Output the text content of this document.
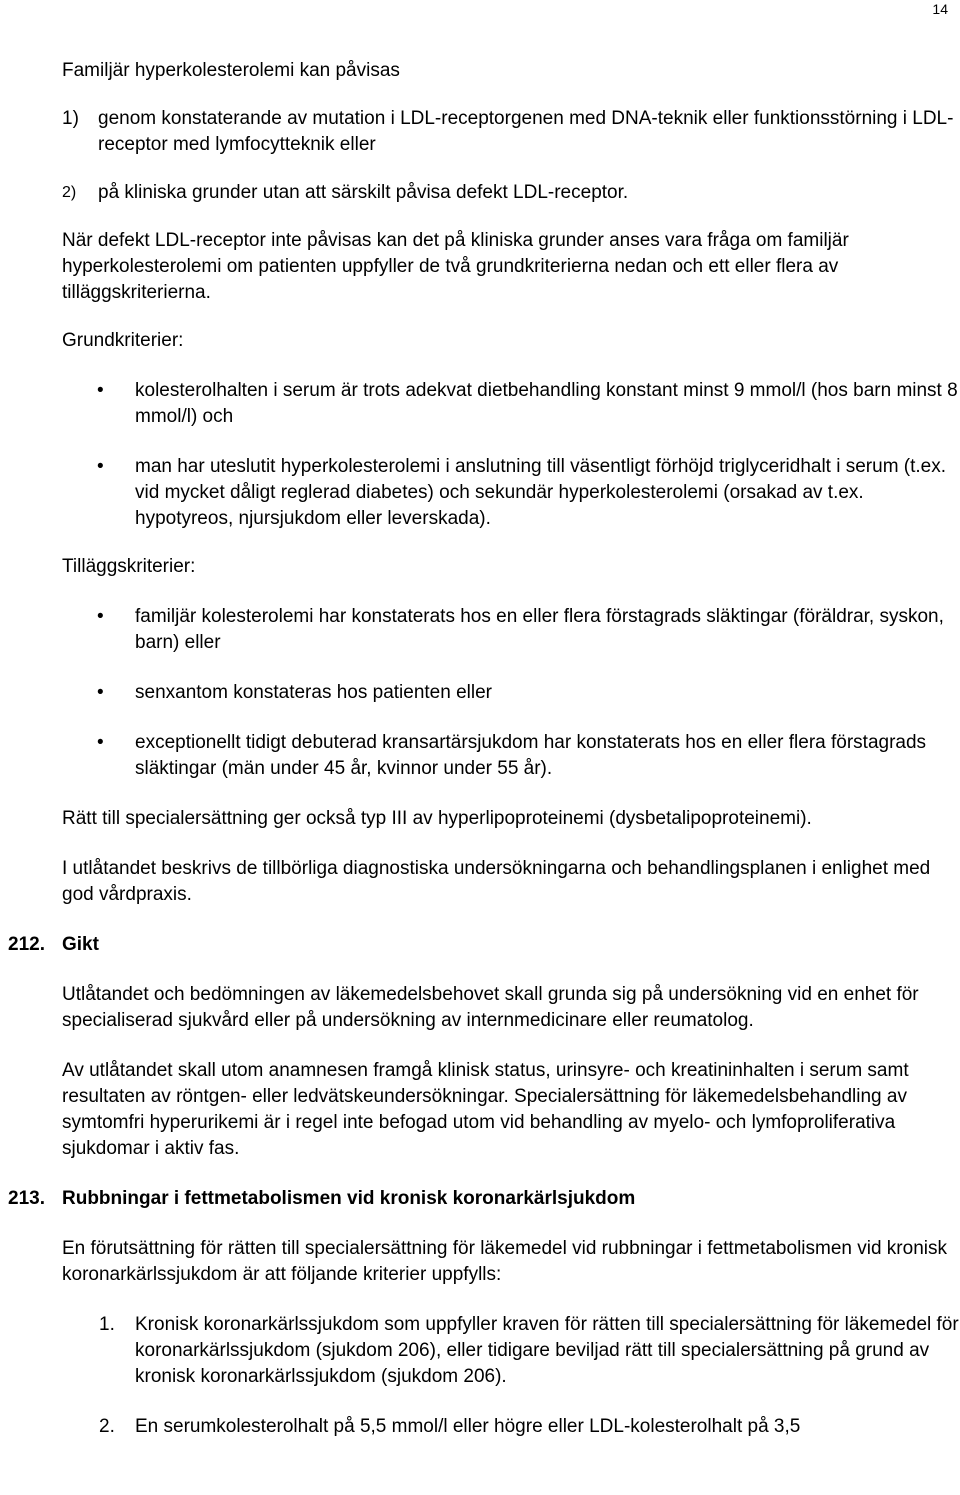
14

Familjär hyperkolesterolemi kan påvisas

1)	genom konstaterande av mutation i LDL-receptorgenen med DNA-teknik eller funktionsstörning i LDL-receptor med lymfocytteknik eller
2)	på kliniska grunder utan att särskilt påvisa defekt LDL-receptor.

När defekt LDL-receptor inte påvisas kan det på kliniska grunder anses vara fråga om familjär hyperkolesterolemi om patienten uppfyller de två grundkriterierna nedan och ett eller flera av tilläggskriterierna.

Grundkriterier:

• kolesterolhalten i serum är trots adekvat dietbehandling konstant minst 9 mmol/l (hos barn minst 8 mmol/l) och
• man har uteslutit hyperkolesterolemi i anslutning till väsentligt förhöjd triglyceridhalt i serum (t.ex. vid mycket dåligt reglerad diabetes) och sekundär hyperkolesterolemi (orsakad av t.ex. hypotyreos, njursjukdom eller leverskada).

Tilläggskriterier:

• familjär kolesterolemi har konstaterats hos en eller flera förstagrads släktingar (föräldrar, syskon, barn) eller
• senxantom konstateras hos patienten eller
• exceptionellt tidigt debuterad kransartärsjukdom har konstaterats hos en eller flera förstagrads släktingar (män under 45 år, kvinnor under 55 år).

Rätt till specialersättning ger också typ III av hyperlipoproteinemi (dysbetalipoproteinemi).

I utlåtandet beskrivs de tillbörliga diagnostiska undersökningarna och behandlingsplanen i enlighet med god vårdpraxis.

212. Gikt

Utlåtandet och bedömningen av läkemedelsbehovet skall grunda sig på undersökning vid en enhet för specialiserad sjukvård eller på undersökning av internmedicinare eller reumatolog.

Av utlåtandet skall utom anamnesen framgå klinisk status, urinsyre- och kreatininhalten i serum samt resultaten av röntgen- eller ledvätskeundersökningar. Specialersättning för läkemedelsbehandling av symtomfri hyperurikemi är i regel inte befogad utom vid behandling av myelo- och lymfoproliferativa sjukdomar i aktiv fas.

213. Rubbningar i fettmetabolismen vid kronisk koronarkärlsjukdom

En förutsättning för rätten till specialersättning för läkemedel vid rubbningar i fettmetabolismen vid kronisk koronarkärlssjukdom är att följande kriterier uppfylls:

1. Kronisk koronarkärlssjukdom som uppfyller kraven för rätten till specialersättning för läkemedel för koronarkärlssjukdom (sjukdom 206), eller tidigare beviljad rätt till specialersättning på grund av kronisk koronarkärlssjukdom (sjukdom 206).
2. En serumkolesterolhalt på 5,5 mmol/l eller högre eller LDL-kolesterolhalt på 3,5
